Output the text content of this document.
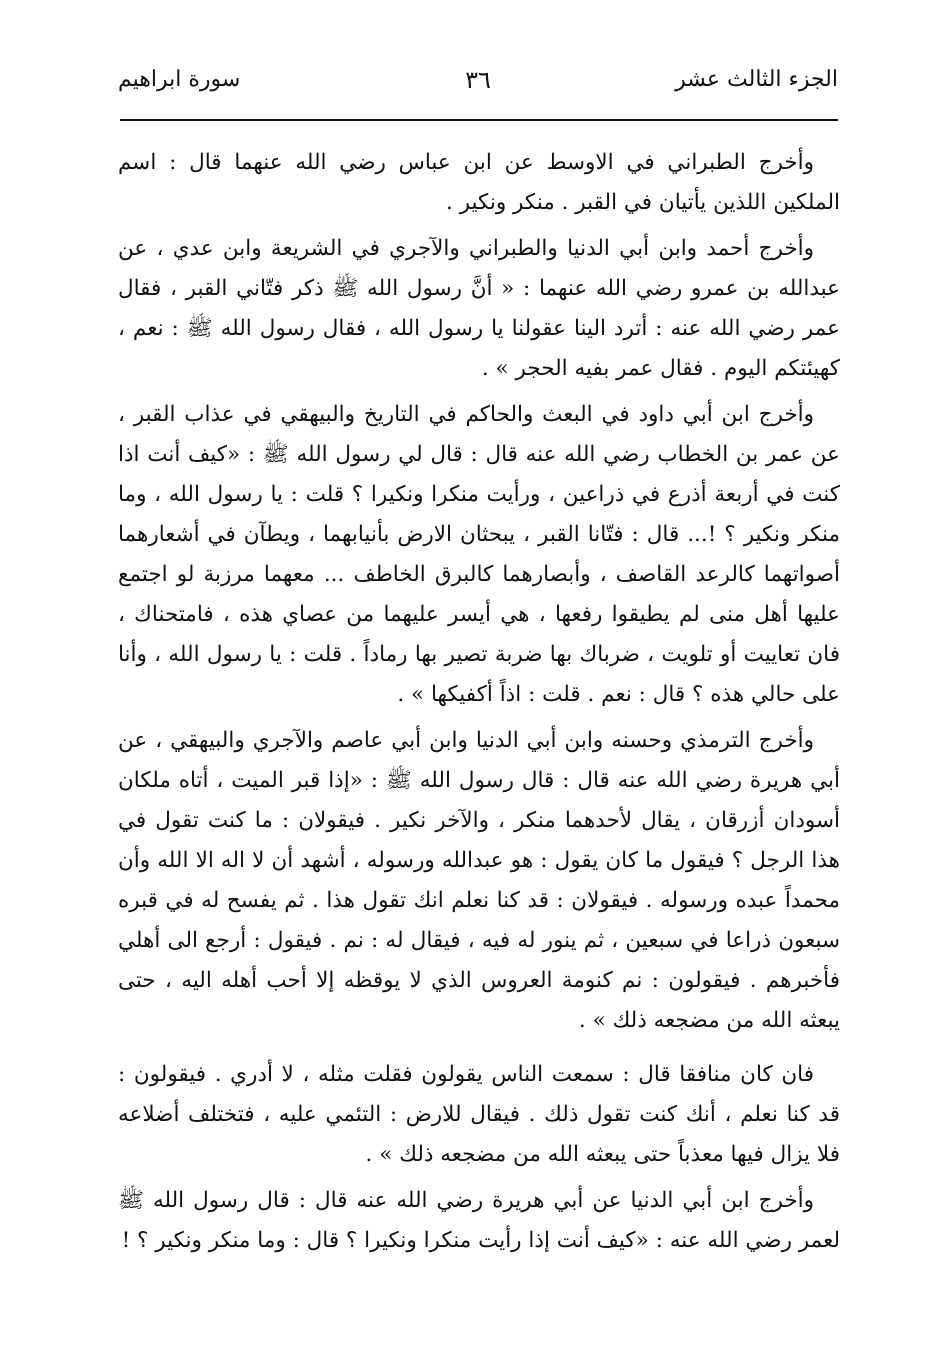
الجزء الثالث عشر
٣٦
سورة ابراهيم

وأخرج الطبراني في الاوسط عن ابن عباس رضي الله عنهما قال : اسم الملكين اللذين يأتيان في القبر . منكر ونكير .

وأخرج أحمد وابن أبي الدنيا والطبراني والآجري في الشريعة وابن عدي ، عن عبدالله بن عمرو رضي الله عنهما : « أنَّ رسول الله ﷺ ذكر فتّاني القبر ، فقال عمر رضي الله عنه : أترد الينا عقولنا يا رسول الله ، فقال رسول الله ﷺ : نعم ، كهيئتكم اليوم . فقال عمر بفيه الحجر » .

وأخرج ابن أبي داود في البعث والحاكم في التاريخ والبيهقي في عذاب القبر ، عن عمر بن الخطاب رضي الله عنه قال : قال لي رسول الله ﷺ : «كيف أنت اذا كنت في أربعة أذرع في ذراعين ، ورأيت منكرا ونكيرا ؟ قلت : يا رسول الله ، وما منكر ونكير ؟ !... قال : فتّانا القبر ، يبحثان الارض بأنيابهما ، ويطآن في أشعارهما أصواتهما كالرعد القاصف ، وأبصارهما كالبرق الخاطف ... معهما مرزبة لو اجتمع عليها أهل منى لم يطيقوا رفعها ، هي أيسر عليهما من عصاي هذه ، فامتحناك ، فان تعاييت أو تلويت ، ضرباك بها ضربة تصير بها رماداً . قلت : يا رسول الله ، وأنا على حالي هذه ؟ قال : نعم . قلت : اذاً أكفيكها » .

وأخرج الترمذي وحسنه وابن أبي الدنيا وابن أبي عاصم والآجري والبيهقي ، عن أبي هريرة رضي الله عنه قال : قال رسول الله ﷺ : «إذا قبر الميت ، أتاه ملكان أسودان أزرقان ، يقال لأحدهما منكر ، والآخر نكير . فيقولان : ما كنت تقول في هذا الرجل ؟ فيقول ما كان يقول : هو عبدالله ورسوله ، أشهد أن لا اله الا الله وأن محمداً عبده ورسوله . فيقولان : قد كنا نعلم انك تقول هذا . ثم يفسح له في قبره سبعون ذراعا في سبعين ، ثم ينور له فيه ، فيقال له : نم . فيقول : أرجع الى أهلي فأخبرهم . فيقولون : نم كنومة العروس الذي لا يوقظه إلا أحب أهله اليه ، حتى يبعثه الله من مضجعه ذلك » .

فان كان منافقا قال : سمعت الناس يقولون فقلت مثله ، لا أدري . فيقولون : قد كنا نعلم ، أنك كنت تقول ذلك . فيقال للارض : التئمي عليه ، فتختلف أضلاعه فلا يزال فيها معذباً حتى يبعثه الله من مضجعه ذلك » .

وأخرج ابن أبي الدنيا عن أبي هريرة رضي الله عنه قال : قال رسول الله ﷺ لعمر رضي الله عنه : «كيف أنت إذا رأيت منكرا ونكيرا ؟ قال : وما منكر ونكير ؟ !
